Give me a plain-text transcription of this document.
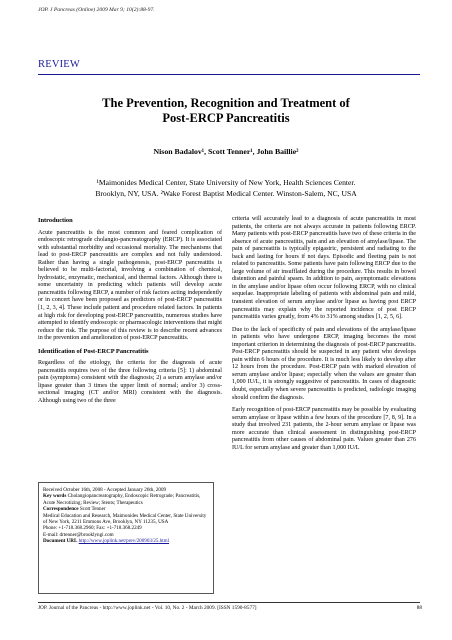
JOP. J Pancreas (Online) 2009 Mar 9; 10(2):88-97.
REVIEW
The Prevention, Recognition and Treatment of
Post-ERCP Pancreatitis
Nison Badalov¹, Scott Tenner¹, John Baillie²
¹Maimonides Medical Center, State University of New York, Health Sciences Center.
Brooklyn, NY, USA. ²Wake Forest Baptist Medical Center. Winston-Salem, NC, USA
Introduction

Acute pancreatitis is the most common and feared complication of endoscopic retrograde cholangio-pancreatography (ERCP). It is associated with substantial morbidity and occasional mortality. The mechanisms that lead to post-ERCP pancreatitis are complex and not fully understood. Rather than having a single pathogenesis, post-ERCP pancreatitis is believed to be multi-factorial, involving a combination of chemical, hydrostatic, enzymatic, mechanical, and thermal factors. Although there is some uncertainty in predicting which patients will develop acute pancreatitis following ERCP, a number of risk factors acting independently or in concert have been proposed as predictors of post-ERCP pancreatitis [1, 2, 3, 4]. These include patient and procedure related factors. In patients at high risk for developing post-ERCP pancreatitis, numerous studies have attempted to identify endoscopic or pharmacologic interventions that might reduce the risk. The purpose of this review is to describe recent advances in the prevention and amelioration of post-ERCP pancreatitis.

Identification of Post-ERCP Pancreatitis

Regardless of the etiology, the criteria for the diagnosis of acute pancreatitis requires two of the three following criteria [5]: 1) abdominal pain (symptoms) consistent with the diagnosis; 2) a serum amylase and/or lipase greater than 3 times the upper limit of normal; and/or 3) cross-sectional imaging (CT and/or MRI) consistent with the diagnosis. Although using two of the three

Received October 16th, 2008 - Accepted January 26th, 2009
Key words Cholangiopancreatography, Endoscopic Retrograde; Pancreatitis, Acute Necrotizing; Review; Stents; Therapeutics
Correspondence Scott Tenner
Medical Education and Research, Maimonides Medical Center, State University of New York, 2211 Emmons Ave, Brooklyn, NY 11235, USA
Phone: +1-718.368.2960; Fax: +1-718.368.2249
E-mail: drtenner@brooklyngi.com
Document URL http://www.joplink.net/prev/200903/25.html

criteria will accurately lead to a diagnosis of acute pancreatitis in most patients, the criteria are not always accurate in patients following ERCP. Many patients with post-ERCP pancreatitis have two of these criteria in the absence of acute pancreatitis, pain and an elevation of amylase/lipase. The pain of pancreatitis is typically epigastric, persistent and radiating to the back and lasting for hours if not days. Episodic and fleeting pain is not related to pancreatitis. Some patients have pain following ERCP due to the large volume of air insufflated during the procedure. This results in bowel distention and painful spasm. In addition to pain, asymptomatic elevations in the amylase and/or lipase often occur following ERCP, with no clinical sequelae. Inappropriate labeling of patients with abdominal pain and mild, transient elevation of serum amylase and/or lipase as having post ERCP pancreatitis may explain why the reported incidence of post ERCP pancreatitis varies greatly, from 4% to 31% among studies [1, 2, 5, 6].

Due to the lack of specificity of pain and elevations of the amylase/lipase in patients who have undergone ERCP, imaging becomes the most important criterion in determining the diagnosis of post-ERCP pancreatitis. Post-ERCP pancreatitis should be suspected in any patient who develops pain within 6 hours of the procedure. It is much less likely to develop after 12 hours from the procedure. Post-ERCP pain with marked elevation of serum amylase and/or lipase; especially when the values are greater than 1,000 IU/L, it is strongly suggestive of pancreatitis. In cases of diagnostic doubt, especially when severe pancreatitis is predicted, radiologic imaging should confirm the diagnosis.

Early recognition of post-ERCP pancreatitis may be possible by evaluating serum amylase or lipase within a few hours of the procedure [7, 8, 9]. In a study that involved 231 patients, the 2-hour serum amylase or lipase was more accurate than clinical assessment in distinguishing post-ERCP pancreatitis from other causes of abdominal pain. Values greater than 276 IU/L for serum amylase and greater than 1,000 IU/L

JOP. Journal of the Pancreas - http://www.joplink.net - Vol. 10, No. 2 - March 2009. [ISSN 1590-8577]	88
